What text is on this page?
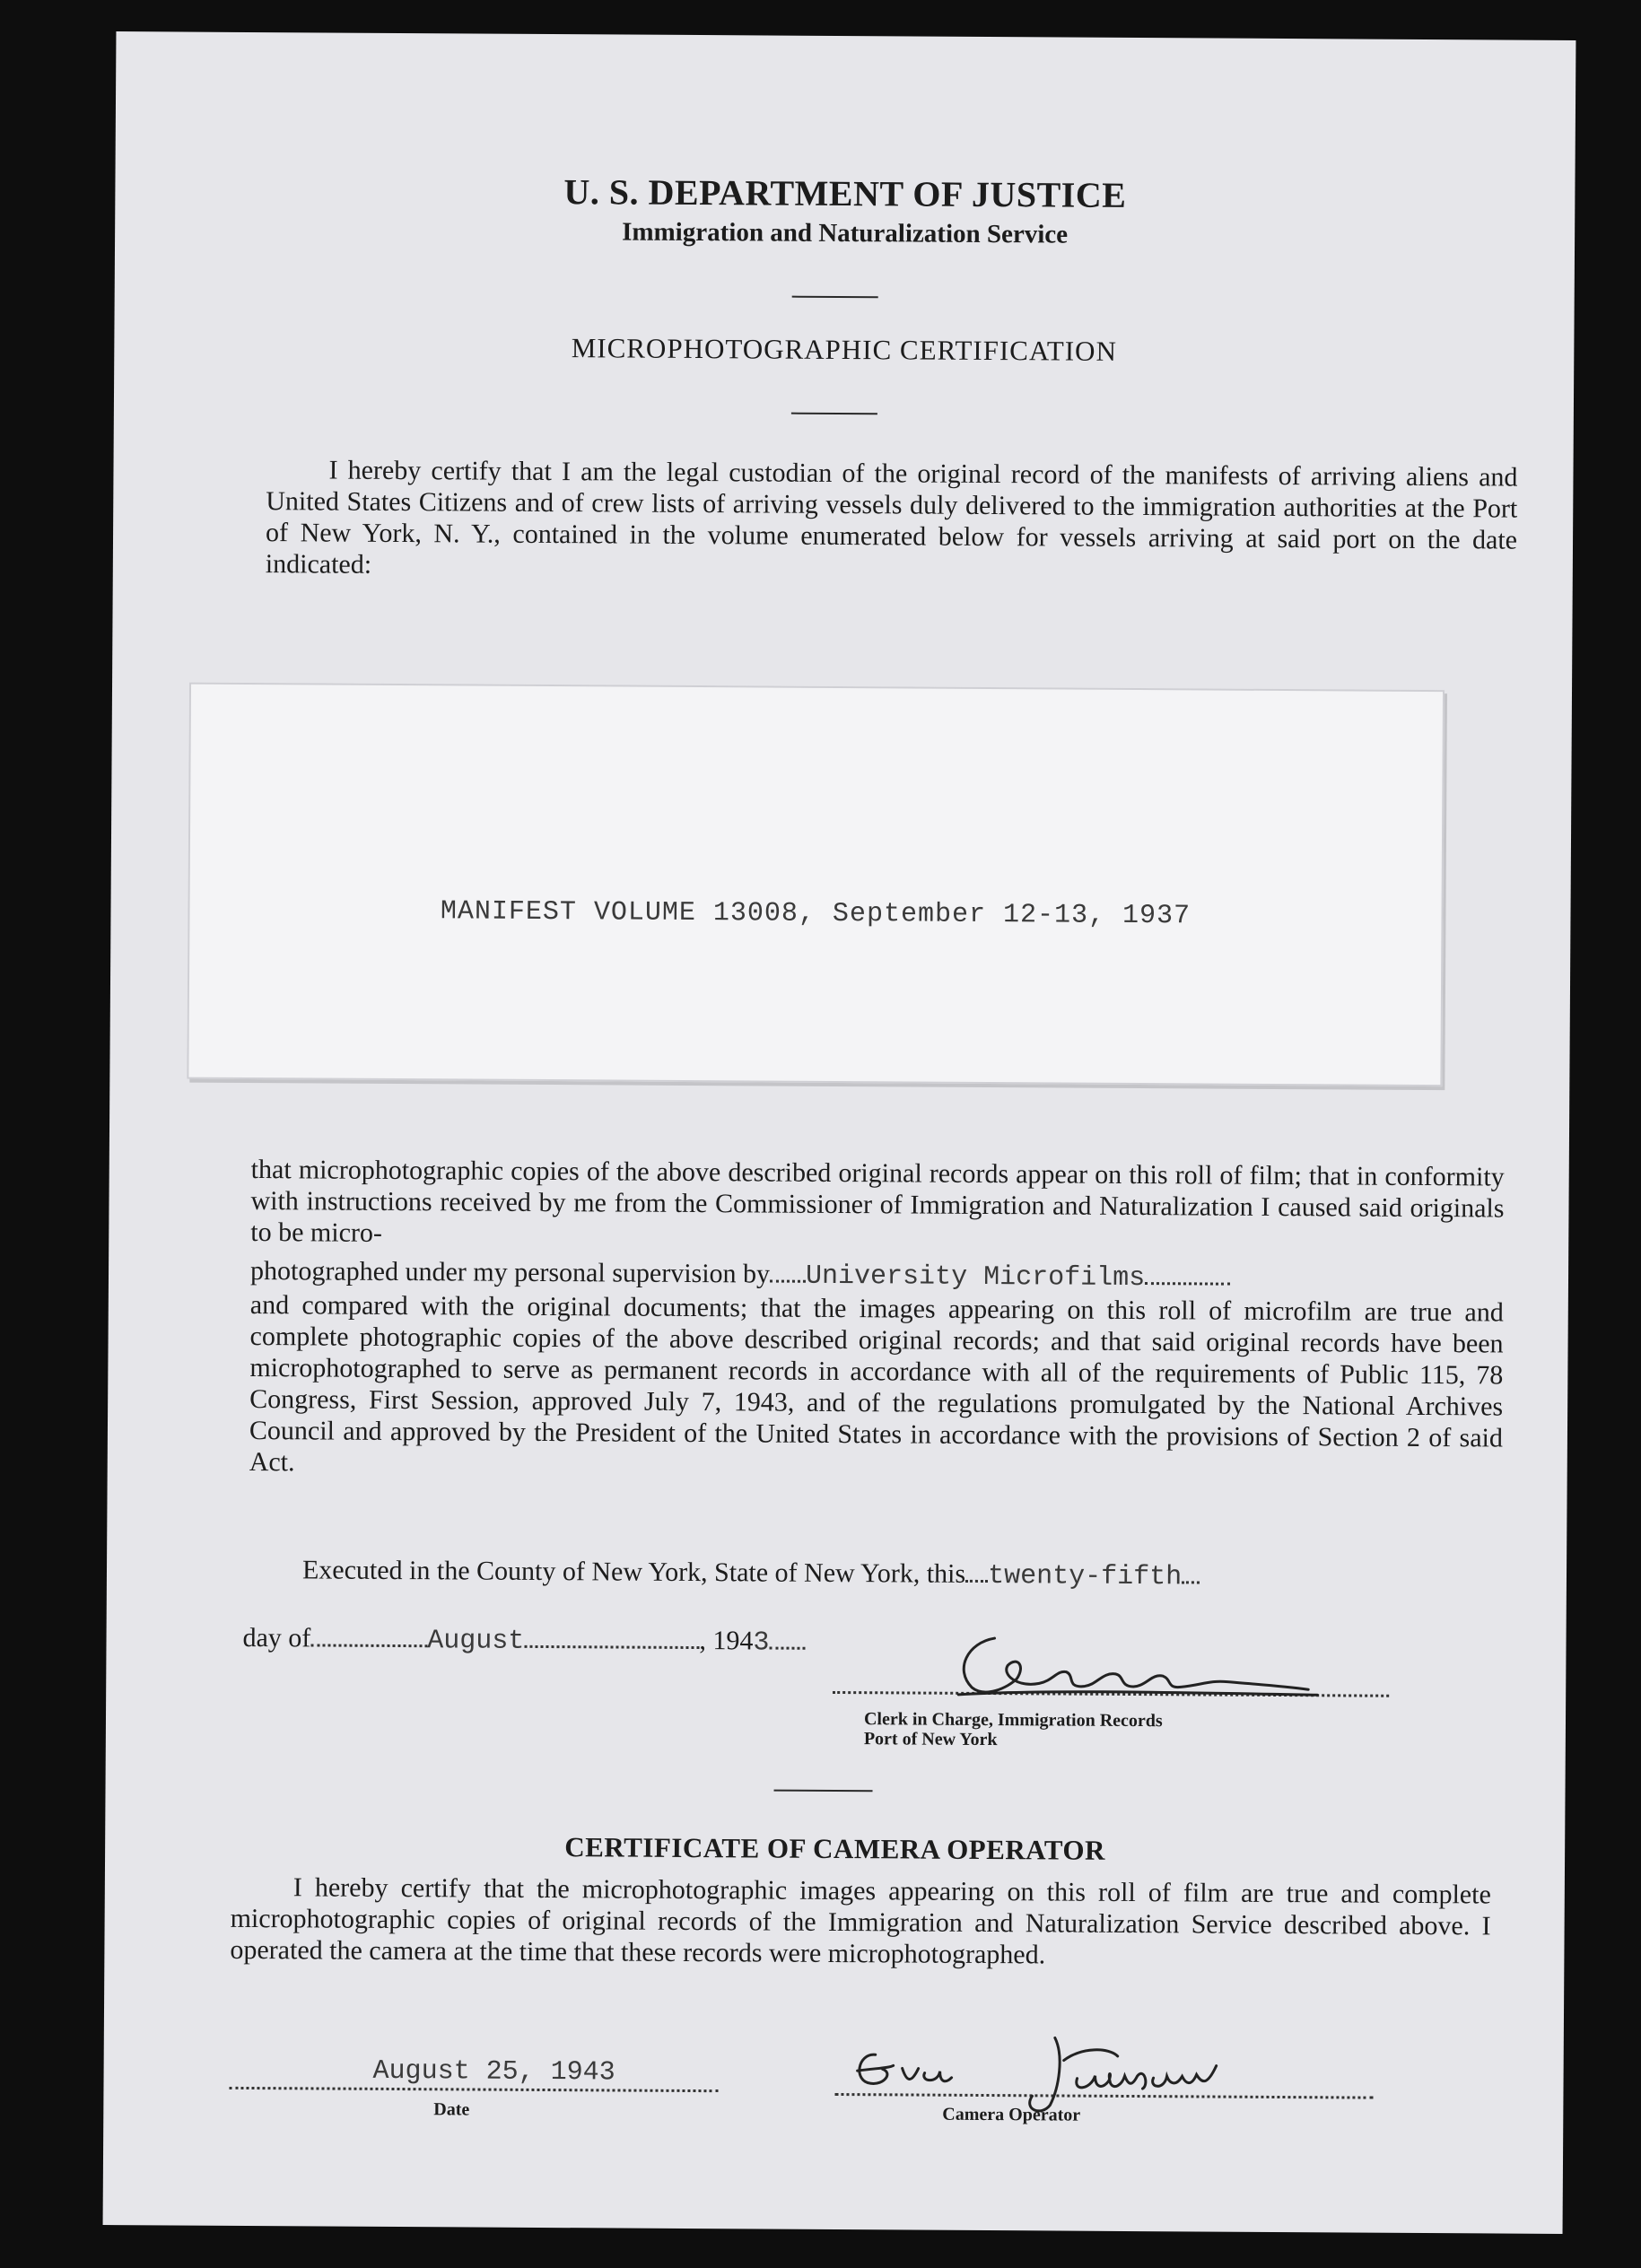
U. S. DEPARTMENT OF JUSTICE
Immigration and Naturalization Service
MICROPHOTOGRAPHIC CERTIFICATION

I hereby certify that I am the legal custodian of the original record of the manifests of arriving aliens and United States Citizens and of crew lists of arriving vessels duly delivered to the immigration authorities at the Port of New York, N. Y., contained in the volume enumerated below for vessels arriving at said port on the date indicated:

MANIFEST VOLUME 13008, September 12-13, 1937

that microphotographic copies of the above described original records appear on this roll of film; that in conformity with instructions received by me from the Commissioner of Immigration and Naturalization I caused said originals to be micro-

photographed under my personal supervision by University Microfilms

and compared with the original documents; that the images appearing on this roll of microfilm are true and complete photographic copies of the above described original records; and that said original records have been microphotographed to serve as permanent records in accordance with all of the requirements of Public 115, 78 Congress, First Session, approved July 7, 1943, and of the regulations promulgated by the National Archives Council and approved by the President of the United States in accordance with the provisions of Section 2 of said Act.

Executed in the County of New York, State of New York, this twenty-fifth
day of	August	, 1943
Clerk in Charge, Immigration Records
Port of New York
CERTIFICATE OF CAMERA OPERATOR

I hereby certify that the microphotographic images appearing on this roll of film are true and complete microphotographic copies of original records of the Immigration and Naturalization Service described above. I operated the camera at the time that these records were microphotographed.

August 25, 1943
Date	Camera Operator
